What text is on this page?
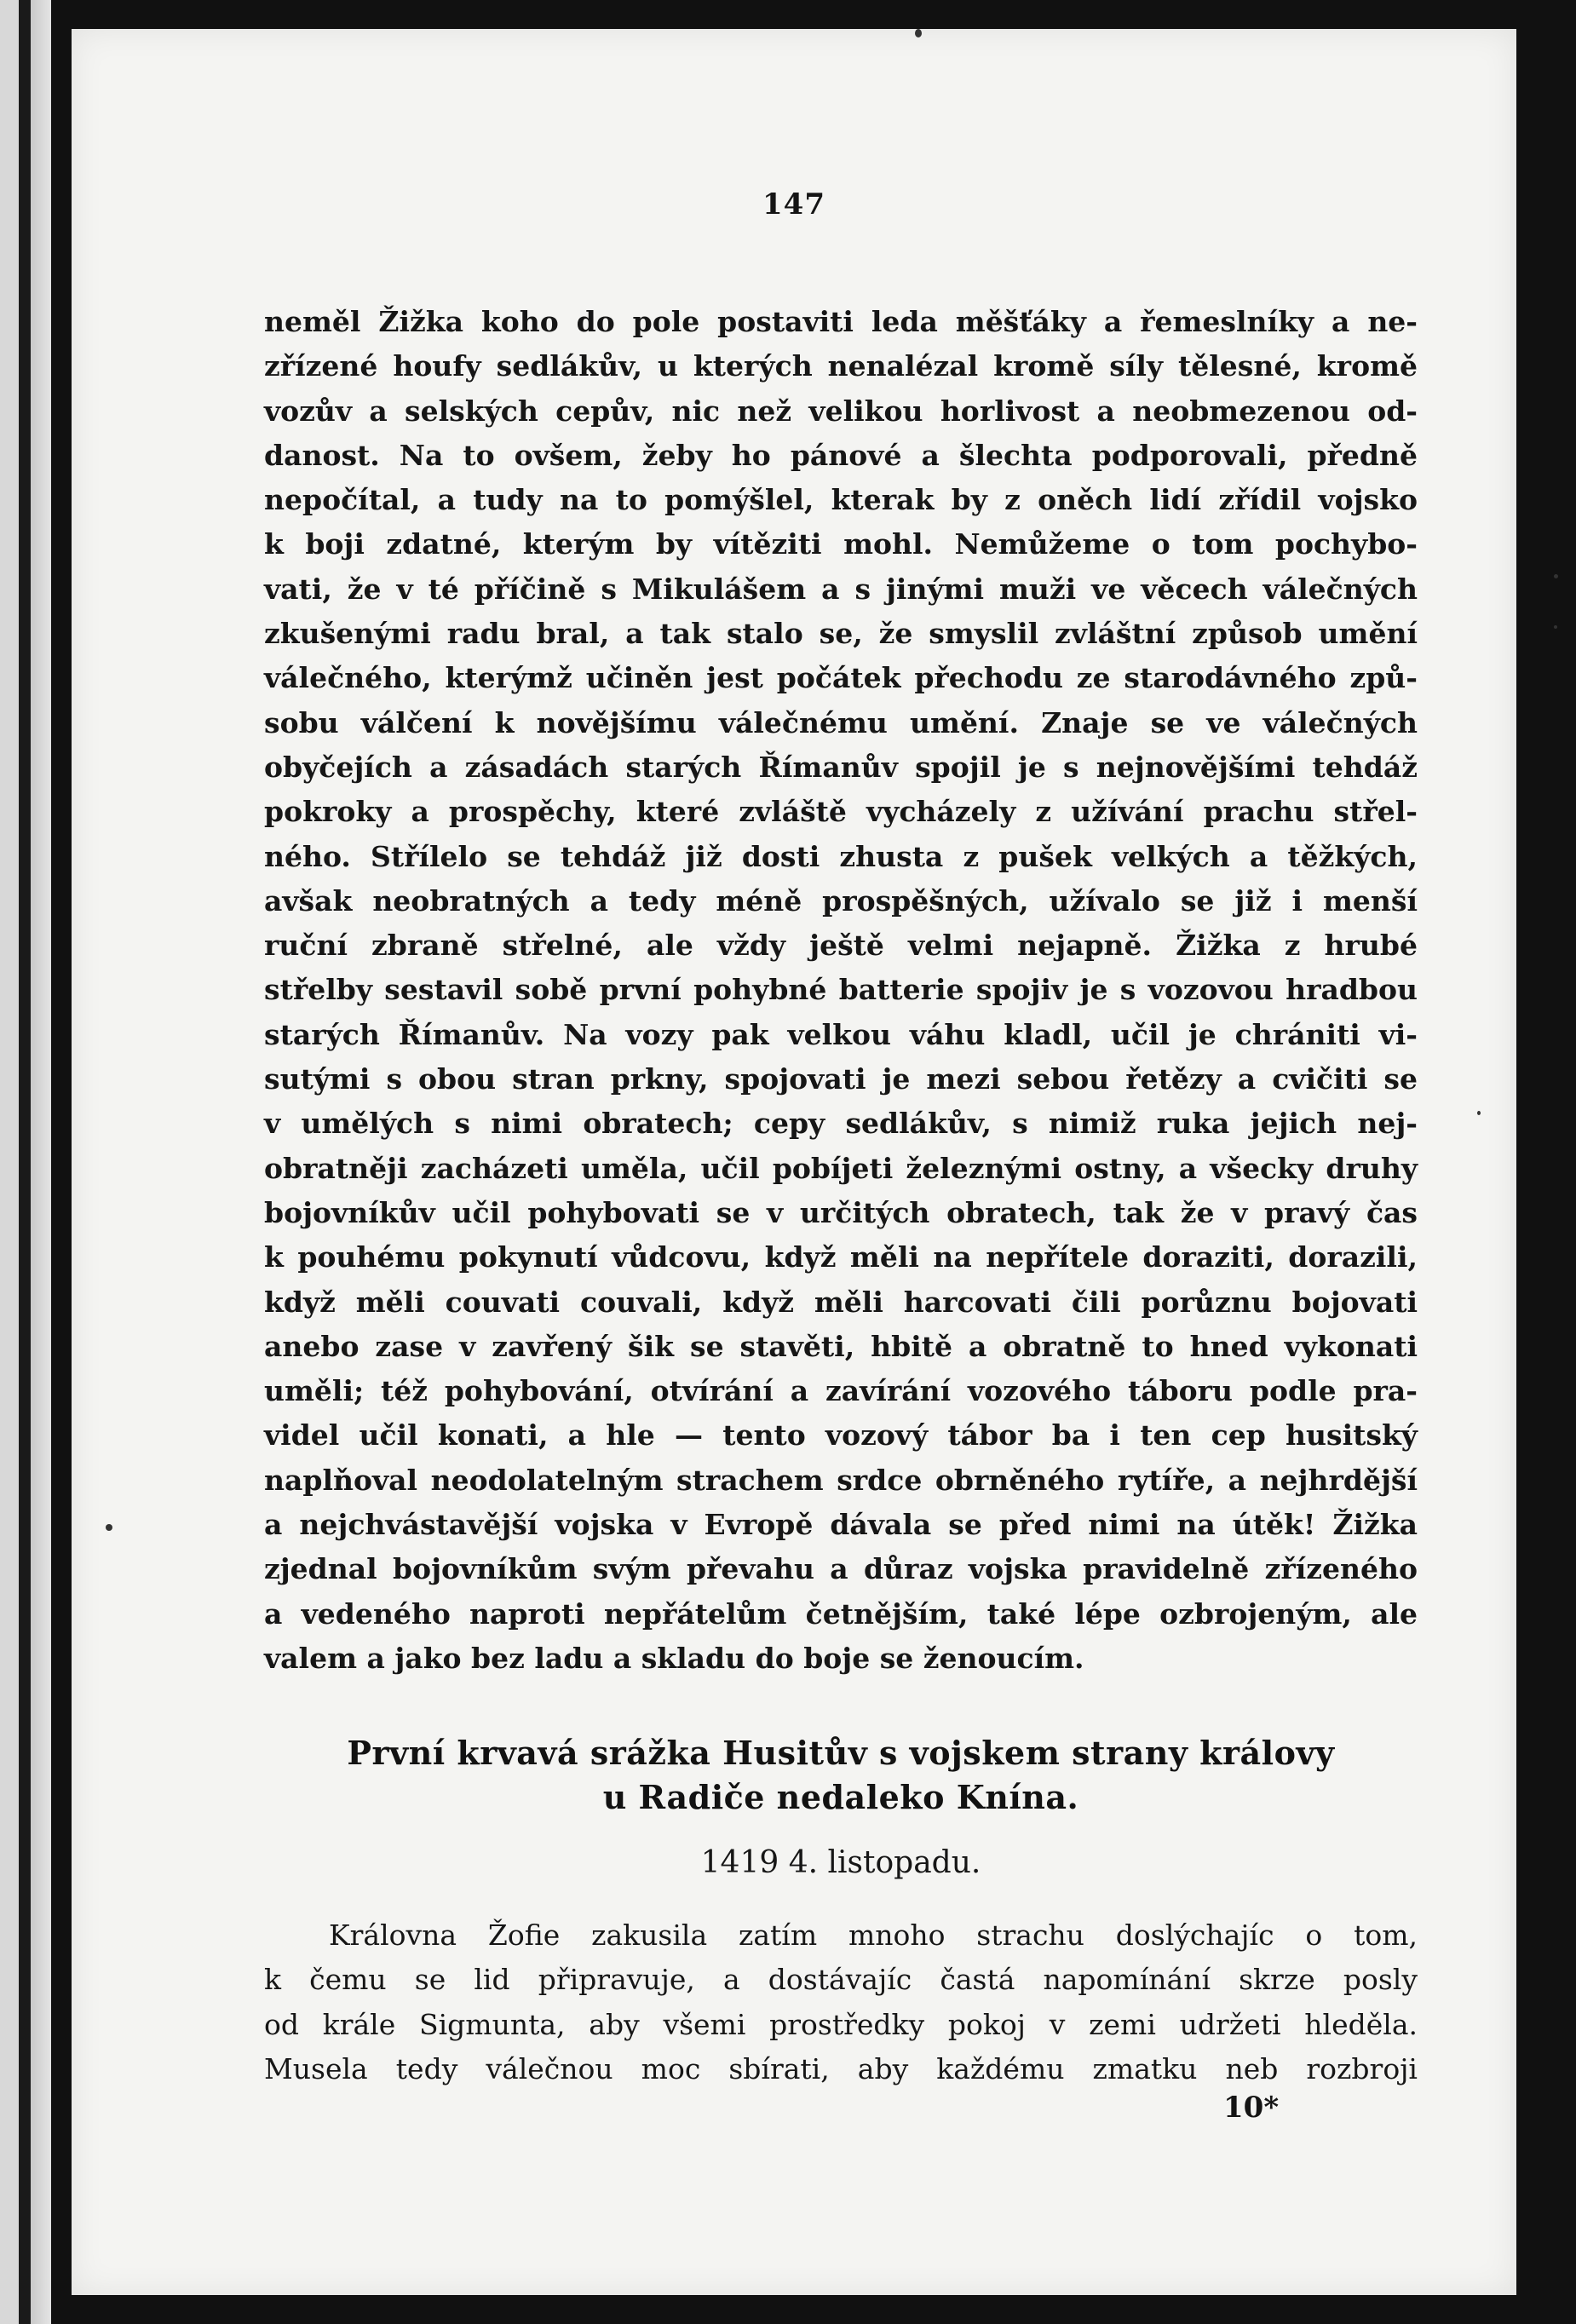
147
neměl Žižka koho do pole postaviti leda měšťáky a řemeslníky a ne-
zřízené houfy sedlákův, u kterých nenalézal kromě síly tělesné, kromě
vozův a selských cepův, nic než velikou horlivost a neobmezenou od-
danost. Na to ovšem, žeby ho pánové a šlechta podporovali, předně
nepočítal, a tudy na to pomýšlel, kterak by z oněch lidí zřídil vojsko
k boji zdatné, kterým by vítěziti mohl. Nemůžeme o tom pochybo-
vati, že v té příčině s Mikulášem a s jinými muži ve věcech válečných
zkušenými radu bral, a tak stalo se, že smyslil zvláštní způsob umění
válečného, kterýmž učiněn jest počátek přechodu ze starodávného způ-
sobu válčení k novějšímu válečnému umění. Znaje se ve válečných
obyčejích a zásadách starých Římanův spojil je s nejnovějšími tehdáž
pokroky a prospěchy, které zvláště vycházely z užívání prachu střel-
ného. Střílelo se tehdáž již dosti zhusta z pušek velkých a těžkých,
avšak neobratných a tedy méně prospěšných, užívalo se již i menší
ruční zbraně střelné, ale vždy ještě velmi nejapně. Žižka z hrubé
střelby sestavil sobě první pohybné batterie spojiv je s vozovou hradbou
starých Římanův. Na vozy pak velkou váhu kladl, učil je chrániti vi-
sutými s obou stran prkny, spojovati je mezi sebou řetězy a cvičiti se
v umělých s nimi obratech; cepy sedlákův, s nimiž ruka jejich nej-
obratněji zacházeti uměla, učil pobíjeti železnými ostny, a všecky druhy
bojovníkův učil pohybovati se v určitých obratech, tak že v pravý čas
k pouhému pokynutí vůdcovu, když měli na nepřítele doraziti, dorazili,
když měli couvati couvali, když měli harcovati čili porůznu bojovati
anebo zase v zavřený šik se stavěti, hbitě a obratně to hned vykonati
uměli; též pohybování, otvírání a zavírání vozového táboru podle pra-
videl učil konati, a hle — tento vozový tábor ba i ten cep husitský
naplňoval neodolatelným strachem srdce obrněného rytíře, a nejhrdější
a nejchvástavější vojska v Evropě dávala se před nimi na útěk! Žižka
zjednal bojovníkům svým převahu a důraz vojska pravidelně zřízeného
a vedeného naproti nepřátelům četnějším, také lépe ozbrojeným, ale
valem a jako bez ladu a skladu do boje se ženoucím.
První krvavá srážka Husitův s vojskem strany královy
u Radiče nedaleko Knína.
1419 4. listopadu.
Královna Žofie zakusila zatím mnoho strachu doslýchajíc o tom,
k čemu se lid připravuje, a dostávajíc častá napomínání skrze posly
od krále Sigmunta, aby všemi prostředky pokoj v zemi udržeti hleděla.
Musela tedy válečnou moc sbírati, aby každému zmatku neb rozbroji
10*
